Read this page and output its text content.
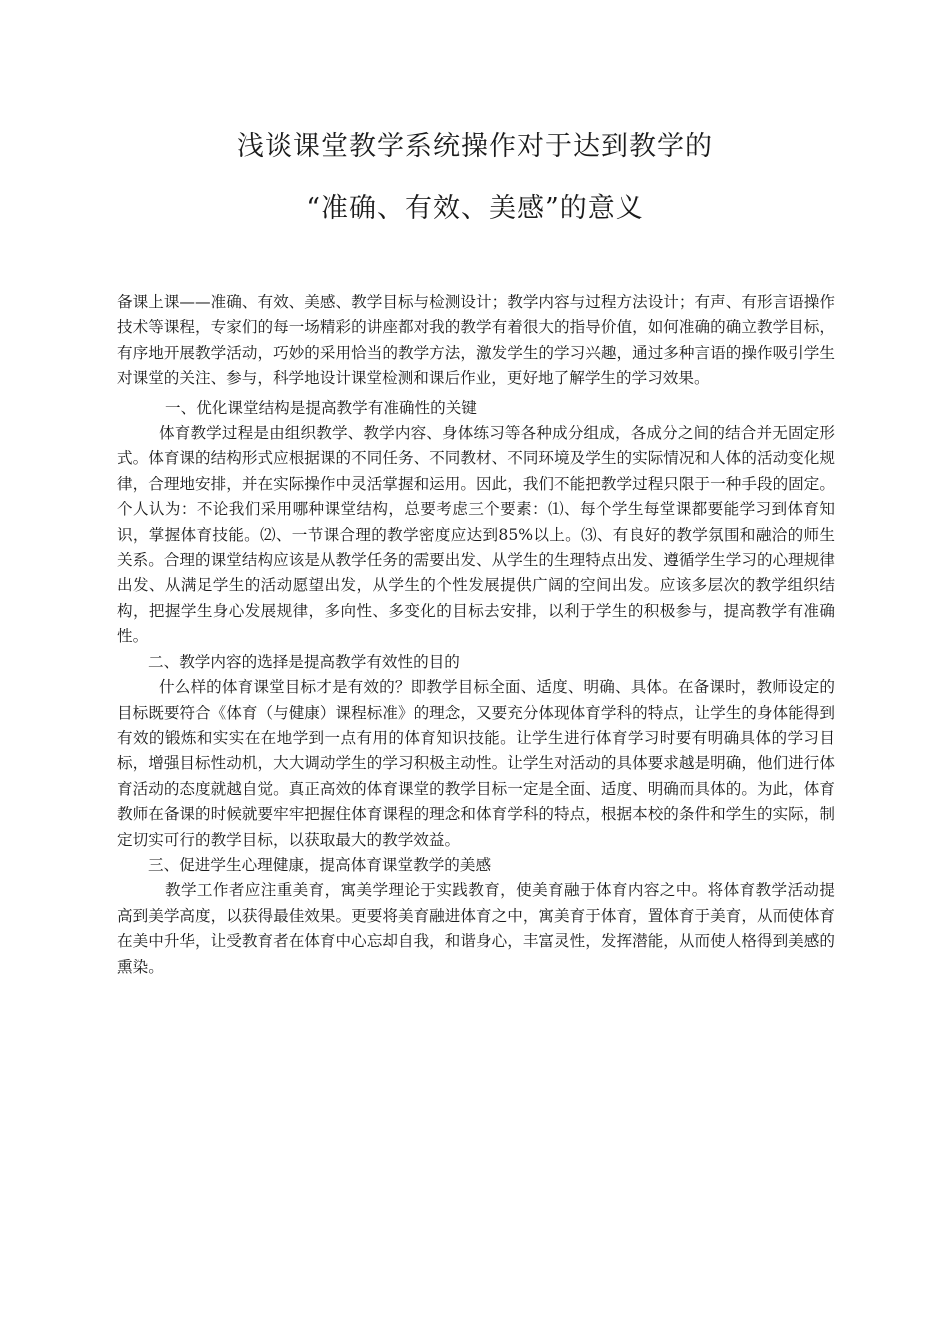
浅谈课堂教学系统操作对于达到教学的
“准确、有效、美感”的意义

备课上课——准确、有效、美感、教学目标与检测设计；教学内容与过程方法设计；有声、有形言语操作技术等课程，专家们的每一场精彩的讲座都对我的教学有着很大的指导价值，如何准确的确立教学目标，有序地开展教学活动，巧妙的采用恰当的教学方法，激发学生的学习兴趣，通过多种言语的操作吸引学生对课堂的关注、参与，科学地设计课堂检测和课后作业，更好地了解学生的学习效果。

一、优化课堂结构是提高教学有准确性的关键

体育教学过程是由组织教学、教学内容、身体练习等各种成分组成，各成分之间的结合并无固定形式。体育课的结构形式应根据课的不同任务、不同教材、不同环境及学生的实际情况和人体的活动变化规律，合理地安排，并在实际操作中灵活掌握和运用。因此，我们不能把教学过程只限于一种手段的固定。个人认为：不论我们采用哪种课堂结构，总要考虑三个要素：⑴、每个学生每堂课都要能学习到体育知识，掌握体育技能。⑵、一节课合理的教学密度应达到85%以上。⑶、有良好的教学氛围和融洽的师生关系。合理的课堂结构应该是从教学任务的需要出发、从学生的生理特点出发、遵循学生学习的心理规律出发、从满足学生的活动愿望出发，从学生的个性发展提供广阔的空间出发。应该多层次的教学组织结构，把握学生身心发展规律，多向性、多变化的目标去安排，以利于学生的积极参与，提高教学有准确性。

二、教学内容的选择是提高教学有效性的目的

什么样的体育课堂目标才是有效的？即教学目标全面、适度、明确、具体。在备课时，教师设定的目标既要符合《体育（与健康）课程标准》的理念，又要充分体现体育学科的特点，让学生的身体能得到有效的锻炼和实实在在地学到一点有用的体育知识技能。让学生进行体育学习时要有明确具体的学习目标，增强目标性动机，大大调动学生的学习积极主动性。让学生对活动的具体要求越是明确，他们进行体育活动的态度就越自觉。真正高效的体育课堂的教学目标一定是全面、适度、明确而具体的。为此，体育教师在备课的时候就要牢牢把握住体育课程的理念和体育学科的特点，根据本校的条件和学生的实际，制定切实可行的教学目标，以获取最大的教学效益。

三、促进学生心理健康，提高体育课堂教学的美感

教学工作者应注重美育，寓美学理论于实践教育，使美育融于体育内容之中。将体育教学活动提高到美学高度，以获得最佳效果。更要将美育融进体育之中，寓美育于体育，置体育于美育，从而使体育在美中升华，让受教育者在体育中心忘却自我，和谐身心，丰富灵性，发挥潜能，从而使人格得到美感的熏染。
